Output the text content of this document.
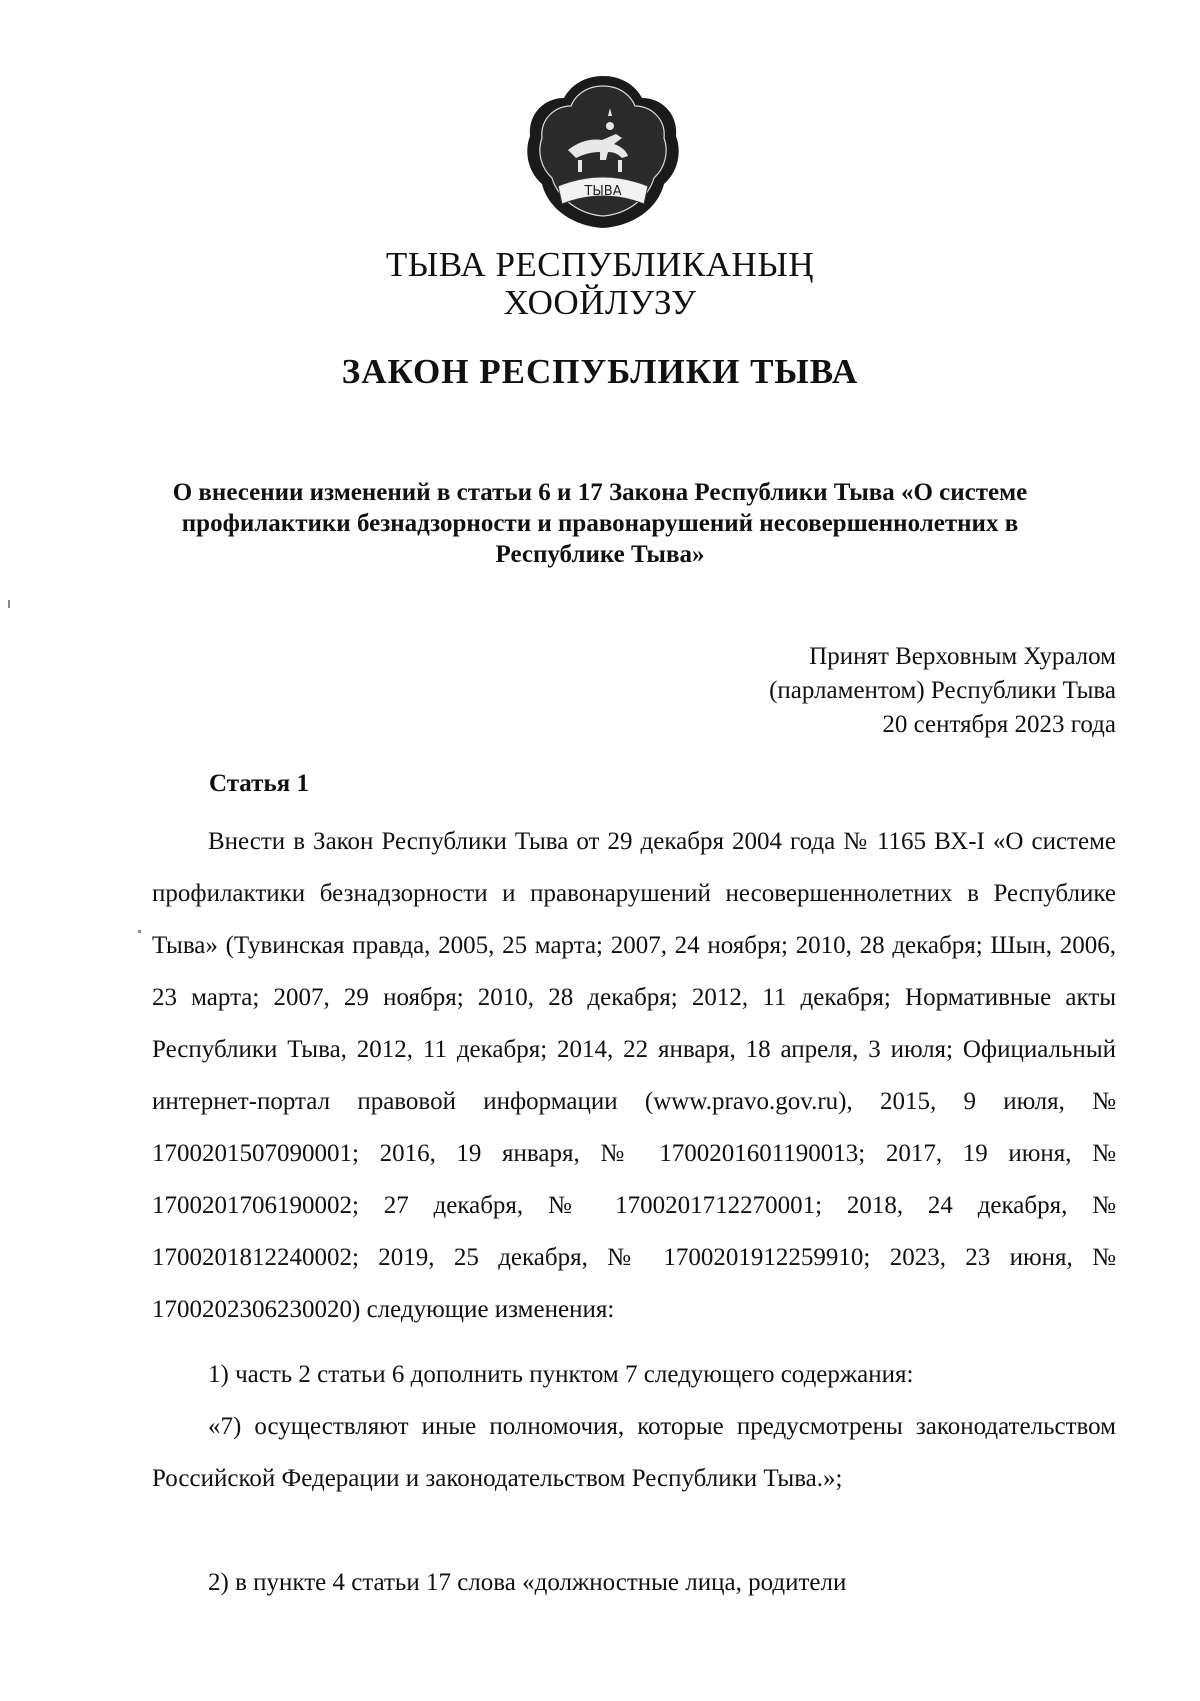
ТЫВА
ТЫВА РЕСПУБЛИКАНЫҢ
ХООЙЛУЗУ
ЗАКОН РЕСПУБЛИКИ ТЫВА
О внесении изменений в статьи 6 и 17 Закона Республики Тыва «О системе
профилактики безнадзорности и правонарушений несовершеннолетних в
Республике Тыва»
Принят Верховным Хуралом
(парламентом) Республики Тыва
20 сентября 2023 года
Статья 1

Внести в Закон Республики Тыва от 29 декабря 2004 года № 1165 ВХ-I «О системе профилактики безнадзорности и правонарушений несовершеннолетних в Республике Тыва» (Тувинская правда, 2005, 25 марта; 2007, 24 ноября; 2010, 28 декабря; Шын, 2006, 23 марта; 2007, 29 ноября; 2010, 28 декабря; 2012, 11 декабря; Нормативные акты Республики Тыва, 2012, 11 декабря; 2014, 22 января, 18 апреля, 3 июля; Официальный интернет-портал правовой информации (www.pravo.gov.ru), 2015, 9 июля, № 1700201507090001; 2016, 19 января, № 1700201601190013; 2017, 19 июня, № 1700201706190002; 27 декабря, № 1700201712270001; 2018, 24 декабря, № 1700201812240002; 2019, 25 декабря, № 1700201912259910; 2023, 23 июня, № 1700202306230020) следующие изменения:

1) часть 2 статьи 6 дополнить пунктом 7 следующего содержания:

«7) осуществляют иные полномочия, которые предусмотрены законодательством Российской Федерации и законодательством Республики Тыва.»;

2) в пункте 4 статьи 17 слова «должностные лица, родители
